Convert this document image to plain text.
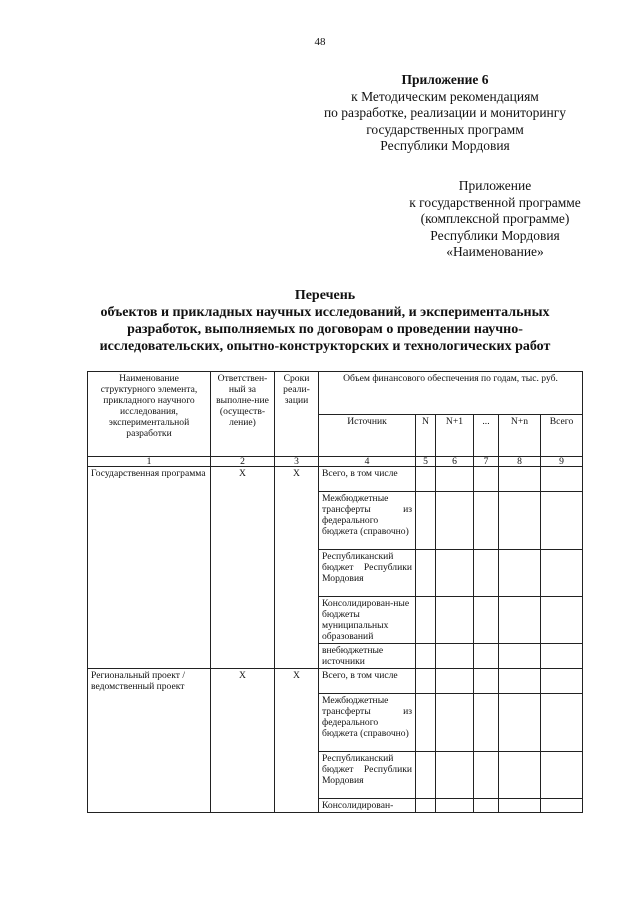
48
Приложение 6
к Методическим рекомендациям
по разработке, реализации и мониторингу
государственных программ
Республики Мордовия
Приложение
к государственной программе
(комплексной программе)
Республики Мордовия
«Наименование»
Перечень
объектов и прикладных научных исследований, и экспериментальных
разработок, выполняемых по договорам о проведении научно-
исследовательских, опытно-конструкторских и технологических работ
Наименование структурного элемента, прикладного научного исследования, экспериментальной разработки	Ответствен-ный за выполне-ние (осуществ-ление)	Сроки реали-зации	Объем финансового обеспечения по годам, тыс. руб.					
			Источник	N	N+1	...	N+n	Всего
1	2	3	4	5	6	7	8	9
Государственная программа	X	X	Всего, в том числе					
			Межбюджетные трансферты из федерального бюджета (справочно)					
			Республиканский бюджет Республики Мордовия					
			Консолидирован-ные бюджеты муниципальных образований					
			внебюджетные источники					
Региональный проект / ведомственный проект	X	X	Всего, в том числе					
			Межбюджетные трансферты из федерального бюджета (справочно)					
			Республиканский бюджет Республики Мордовия					
			Консолидирован-					
